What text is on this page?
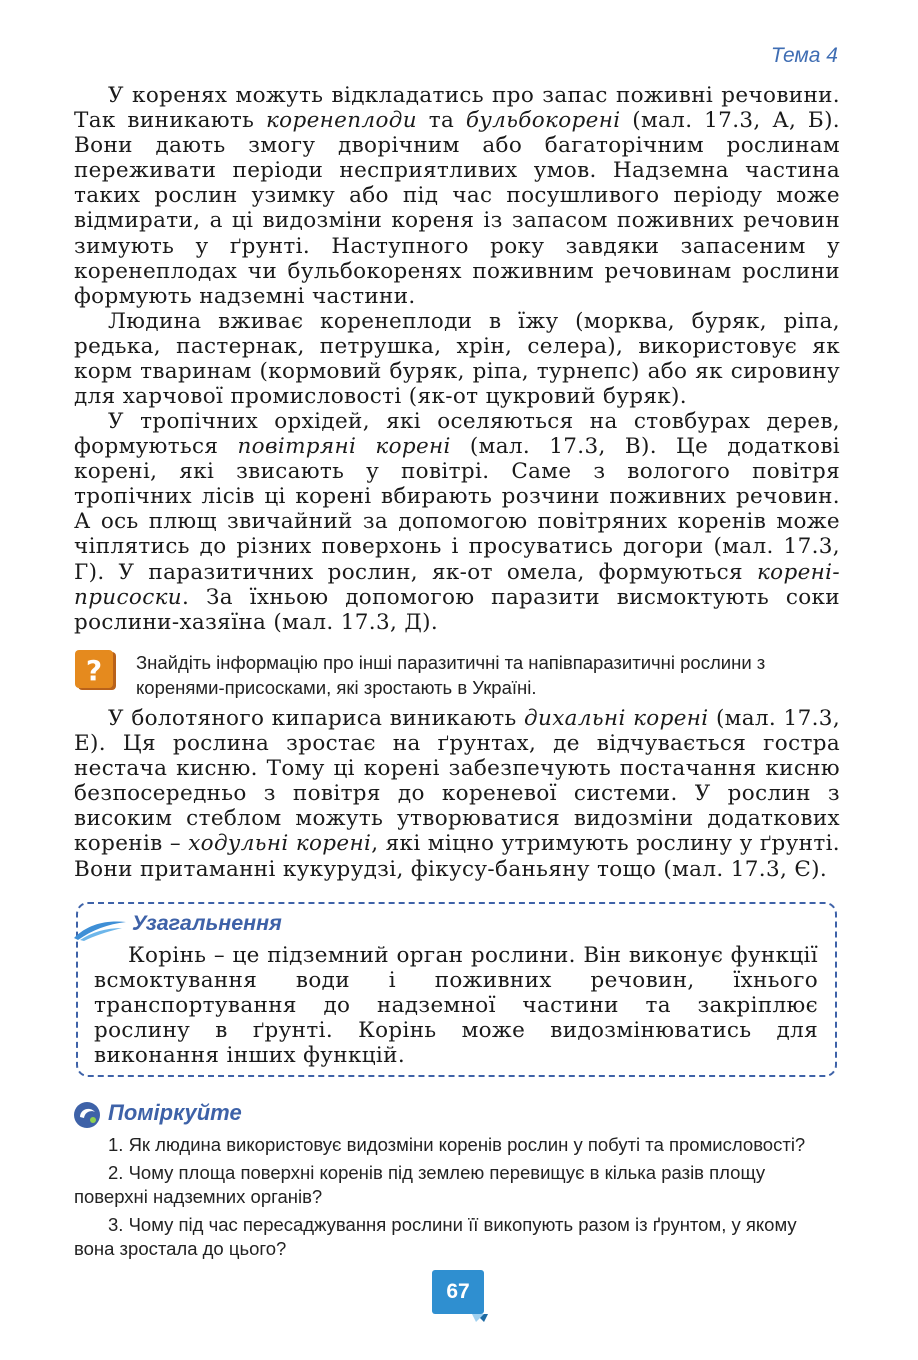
Тема 4

У коренях можуть відкладатись про запас поживні речовини. Так виникають коренеплоди та бульбокорені (мал. 17.3, А, Б). Вони дають змогу дворічним або багаторічним рослинам переживати періоди несприятливих умов. Надземна частина таких рослин узимку або під час посушливого періоду може відмирати, а ці видозміни кореня із запасом поживних речовин зимують у ґрунті. Наступного року завдяки запасеним у коренеплодах чи бульбокоренях поживним речовинам рослини формують надземні частини.

Людина вживає коренеплоди в їжу (морква, буряк, ріпа, редька, пастернак, петрушка, хрін, селера), використовує як корм тваринам (кормовий буряк, ріпа, турнепс) або як сировину для харчової промисловості (як-от цукровий буряк).

У тропічних орхідей, які оселяються на стовбурах дерев, формуються повітряні корені (мал. 17.3, В). Це додаткові корені, які звисають у повітрі. Саме з вологого повітря тропічних лісів ці корені вбирають розчини поживних речовин. А ось плющ звичайний за допомогою повітряних коренів може чіплятись до різних поверхонь і просуватись догори (мал. 17.3, Г). У паразитичних рослин, як-от омела, формуються корені-присоски. За їхньою допомогою паразити висмоктують соки рослини-хазяїна (мал. 17.3, Д).

? Знайдіть інформацію про інші паразитичні та напівпаразитичні рослини з коренями-присосками, які зростають в Україні.

У болотяного кипариса виникають дихальні корені (мал. 17.3, Е). Ця рослина зростає на ґрунтах, де відчувається гостра нестача кисню. Тому ці корені забезпечують постачання кисню безпосередньо з повітря до кореневої системи. У рослин з високим стеблом можуть утворюватися видозміни додаткових коренів – ходульні корені, які міцно утримують рослину у ґрунті. Вони притаманні кукурудзі, фікусу-баньяну тощо (мал. 17.3, Є).

Узагальнення

Корінь – це підземний орган рослини. Він виконує функції всмоктування води і поживних речовин, їхнього транспортування до надземної частини та закріплює рослину в ґрунті. Корінь може видозмінюватись для виконання інших функцій.

Поміркуйте

1. Як людина використовує видозміни коренів рослин у побуті та промисловості?

2. Чому площа поверхні коренів під землею перевищує в кілька разів площу поверхні надземних органів?

3. Чому під час пересаджування рослини її викопують разом із ґрунтом, у якому вона зростала до цього?

67
